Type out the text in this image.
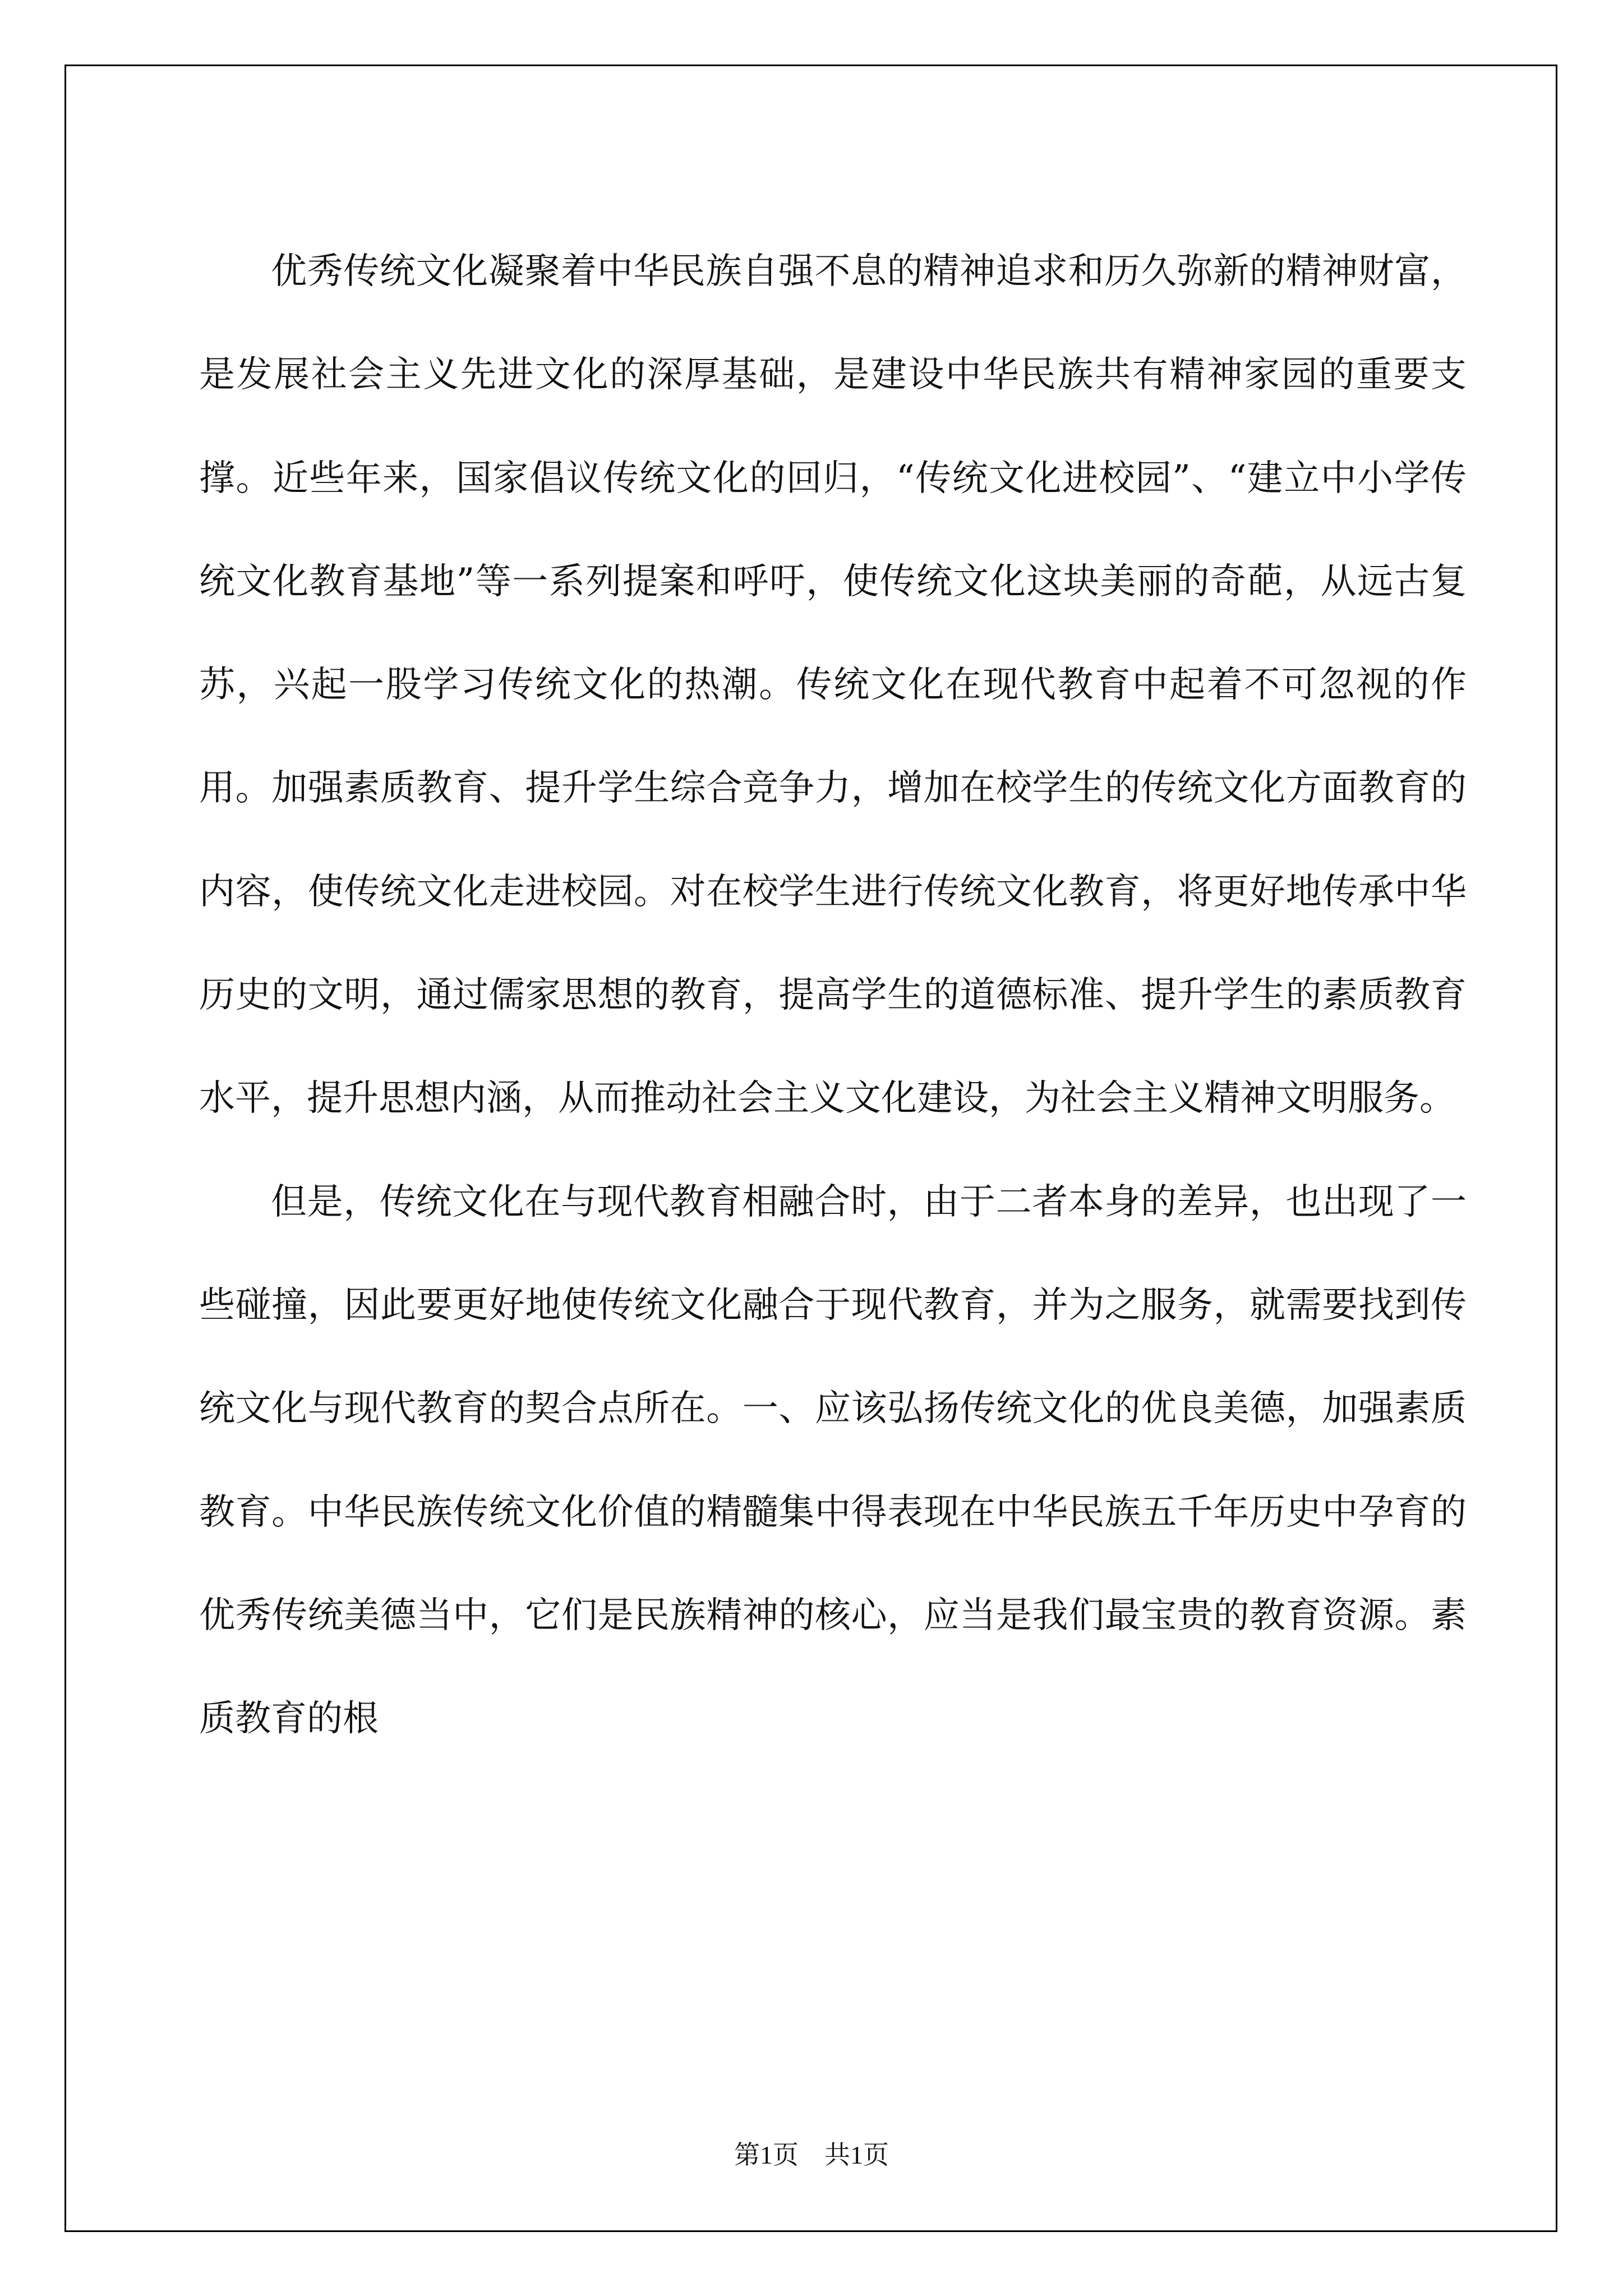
优秀传统文化凝聚着中华民族自强不息的精神追求和历久弥新的精神财富，是发展社会主义先进文化的深厚基础，是建设中华民族共有精神家园的重要支撑。近些年来，国家倡议传统文化的回归，“传统文化进校园”、“建立中小学传统文化教育基地”等一系列提案和呼吁，使传统文化这块美丽的奇葩，从远古复苏，兴起一股学习传统文化的热潮。传统文化在现代教育中起着不可忽视的作用。加强素质教育、提升学生综合竞争力，增加在校学生的传统文化方面教育的内容，使传统文化走进校园。对在校学生进行传统文化教育，将更好地传承中华历史的文明，通过儒家思想的教育，提高学生的道德标准、提升学生的素质教育水平，提升思想内涵，从而推动社会主义文化建设，为社会主义精神文明服务。

但是，传统文化在与现代教育相融合时，由于二者本身的差异，也出现了一些碰撞，因此要更好地使传统文化融合于现代教育，并为之服务，就需要找到传统文化与现代教育的契合点所在。一、应该弘扬传统文化的优良美德，加强素质教育。中华民族传统文化价值的精髓集中得表现在中华民族五千年历史中孕育的优秀传统美德当中，它们是民族精神的核心，应当是我们最宝贵的教育资源。素质教育的根

第1页 共1页
